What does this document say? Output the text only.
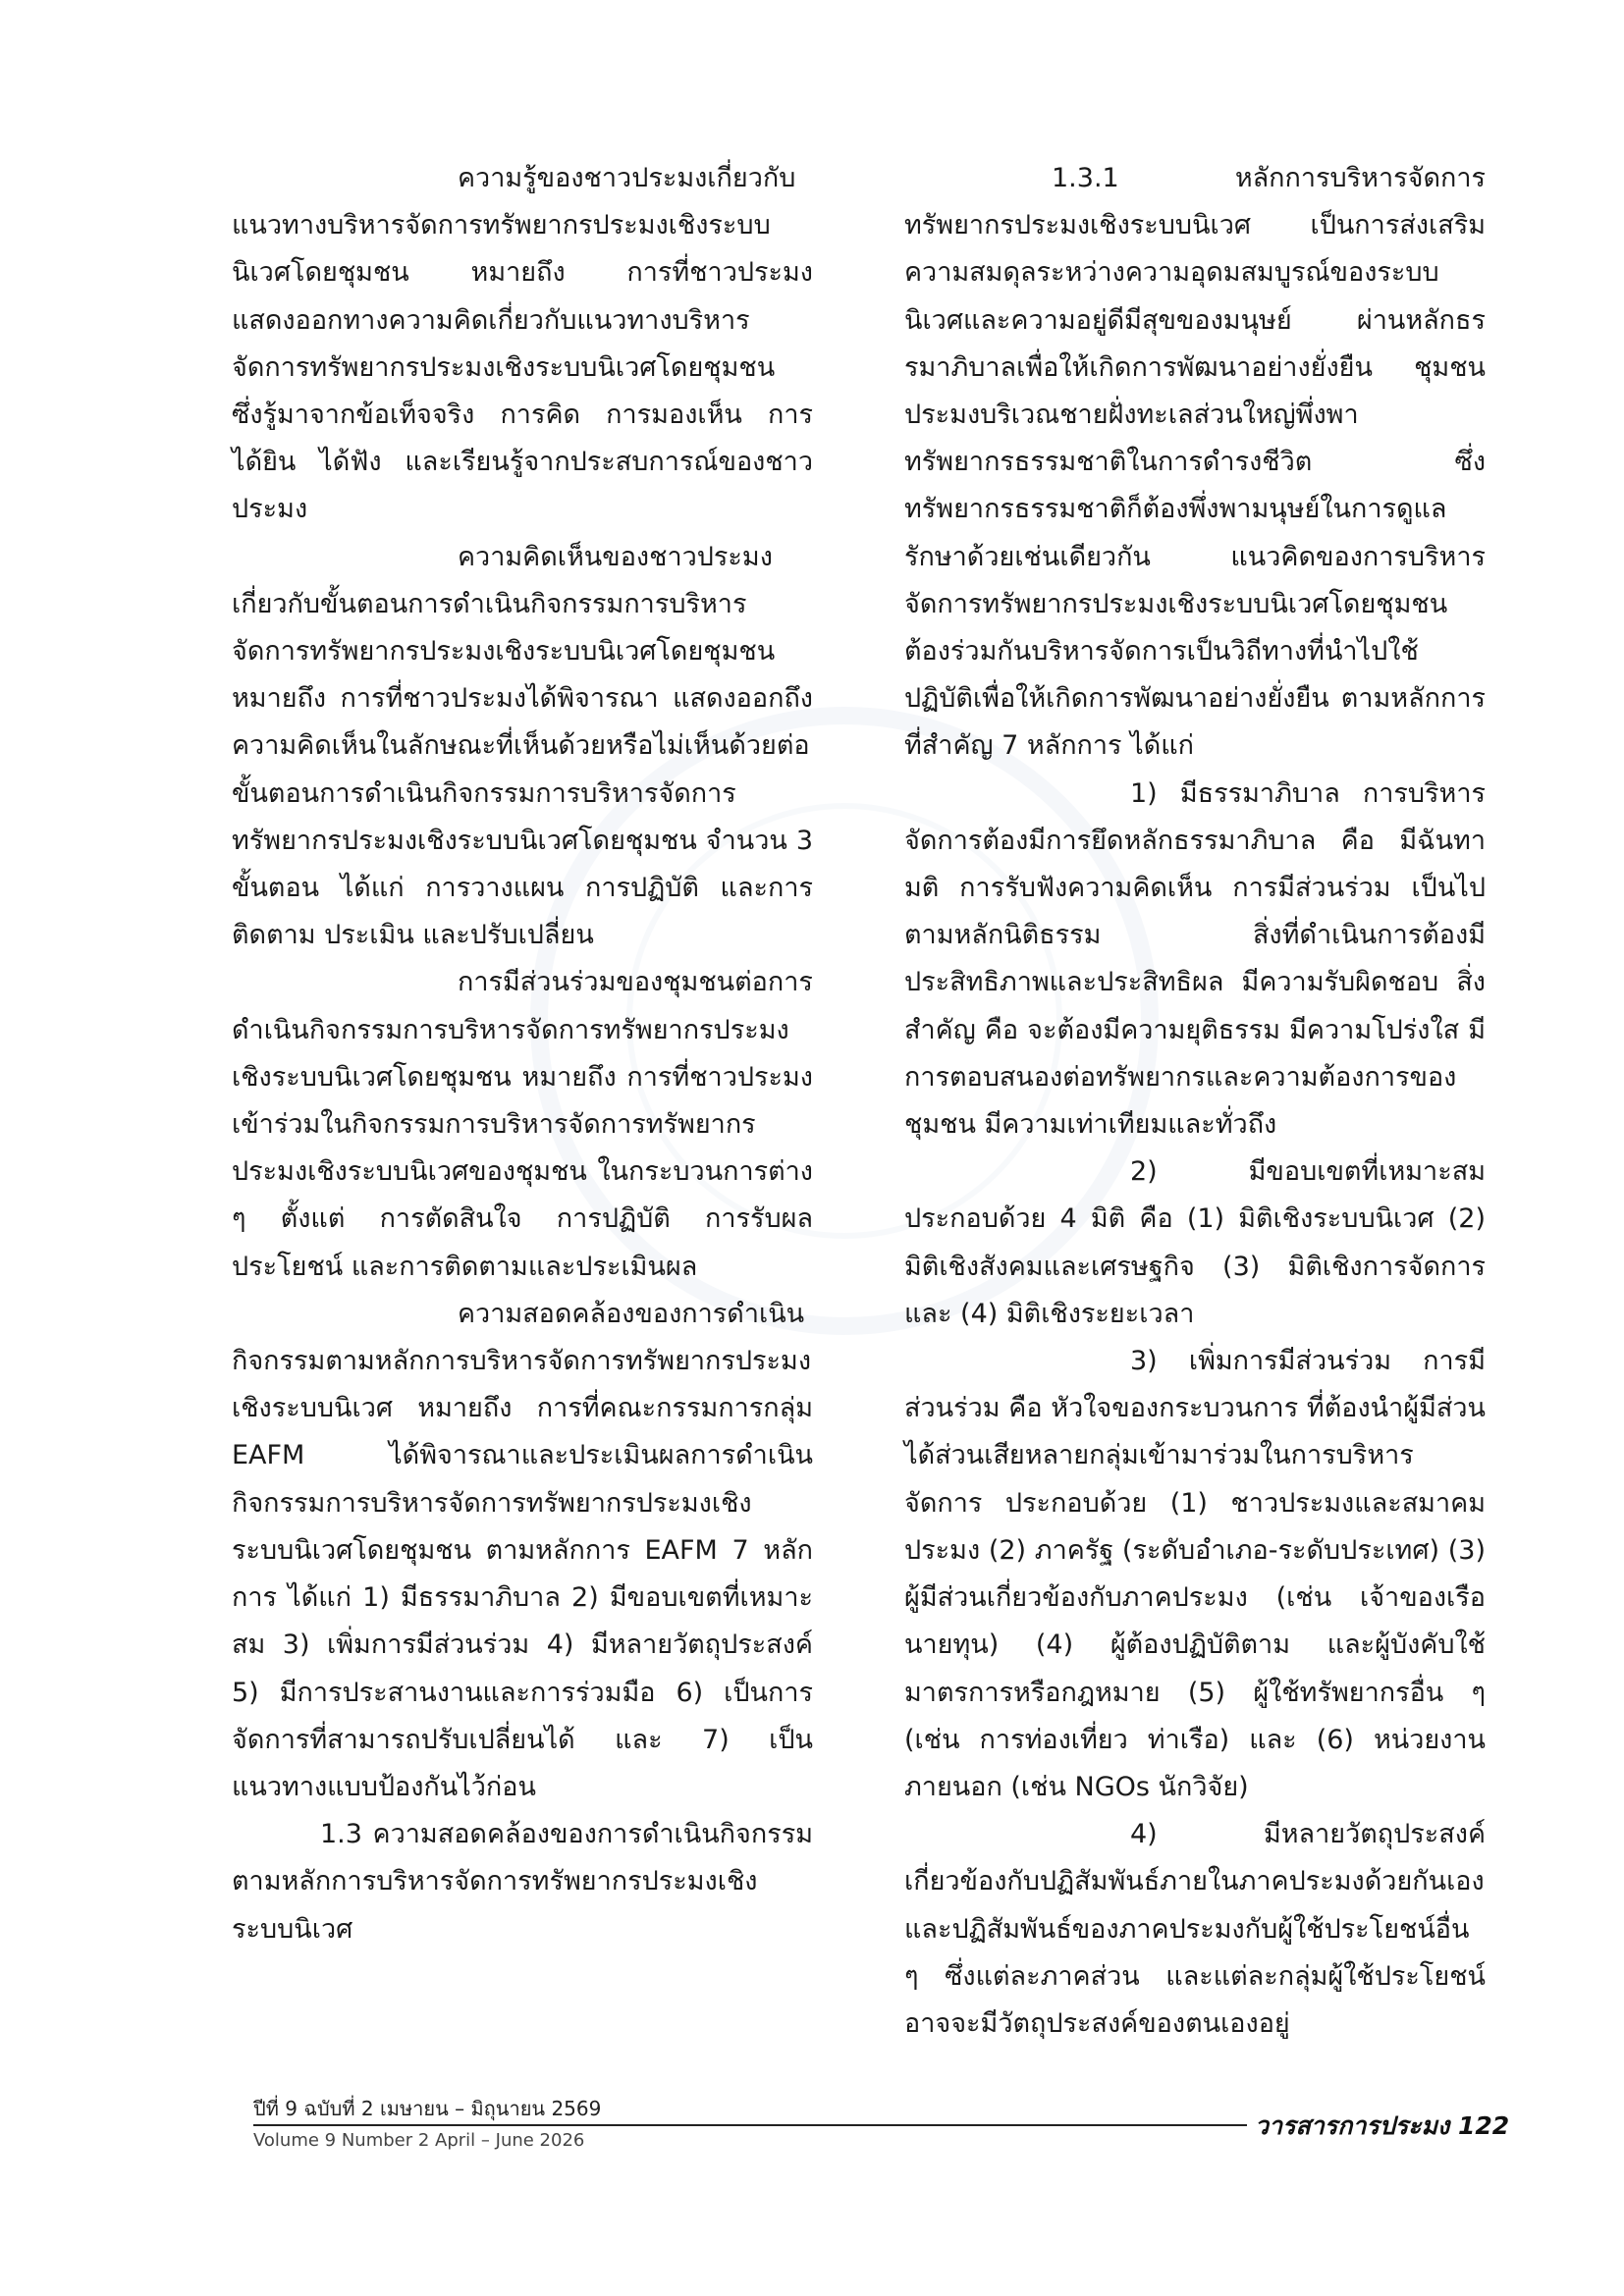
ความรู้ของชาวประมงเกี่ยวกับแนวทางบริหารจัดการทรัพยากรประมงเชิงระบบนิเวศโดยชุมชน หมายถึง การที่ชาวประมงแสดงออกทางความคิดเกี่ยวกับแนวทางบริหารจัดการทรัพยากรประมงเชิงระบบนิเวศโดยชุมชน ซึ่งรู้มาจากข้อเท็จจริง การคิด การมองเห็น การได้ยิน ได้ฟัง และเรียนรู้จากประสบการณ์ของชาวประมง

ความคิดเห็นของชาวประมงเกี่ยวกับขั้นตอนการดำเนินกิจกรรมการบริหารจัดการทรัพยากรประมงเชิงระบบนิเวศโดยชุมชน หมายถึง การที่ชาวประมงได้พิจารณา แสดงออกถึงความคิดเห็นในลักษณะที่เห็นด้วยหรือไม่เห็นด้วยต่อขั้นตอนการดำเนินกิจกรรมการบริหารจัดการทรัพยากรประมงเชิงระบบนิเวศโดยชุมชน จำนวน 3 ขั้นตอน ได้แก่ การวางแผน การปฏิบัติ และการติดตาม ประเมิน และปรับเปลี่ยน

การมีส่วนร่วมของชุมชนต่อการดำเนินกิจกรรมการบริหารจัดการทรัพยากรประมงเชิงระบบนิเวศโดยชุมชน หมายถึง การที่ชาวประมงเข้าร่วมในกิจกรรมการบริหารจัดการทรัพยากรประมงเชิงระบบนิเวศของชุมชน ในกระบวนการต่าง ๆ ตั้งแต่ การตัดสินใจ การปฏิบัติ การรับผลประโยชน์ และการติดตามและประเมินผล

ความสอดคล้องของการดำเนินกิจกรรมตามหลักการบริหารจัดการทรัพยากรประมงเชิงระบบนิเวศ หมายถึง การที่คณะกรรมการกลุ่ม EAFM ได้พิจารณาและประเมินผลการดำเนินกิจกรรมการบริหารจัดการทรัพยากรประมงเชิงระบบนิเวศโดยชุมชน ตามหลักการ EAFM 7 หลักการ ได้แก่ 1) มีธรรมาภิบาล 2) มีขอบเขตที่เหมาะสม 3) เพิ่มการมีส่วนร่วม 4) มีหลายวัตถุประสงค์ 5) มีการประสานงานและการร่วมมือ 6) เป็นการจัดการที่สามารถปรับเปลี่ยนได้ และ 7) เป็นแนวทางแบบป้องกันไว้ก่อน

1.3 ความสอดคล้องของการดำเนินกิจกรรมตามหลักการบริหารจัดการทรัพยากรประมงเชิงระบบนิเวศ

1.3.1 หลักการบริหารจัดการทรัพยากรประมงเชิงระบบนิเวศ เป็นการส่งเสริมความสมดุลระหว่างความอุดมสมบูรณ์ของระบบนิเวศและความอยู่ดีมีสุขของมนุษย์ ผ่านหลักธรรมาภิบาลเพื่อให้เกิดการพัฒนาอย่างยั่งยืน ชุมชนประมงบริเวณชายฝั่งทะเลส่วนใหญ่พึ่งพาทรัพยากรธรรมชาติในการดำรงชีวิต ซึ่งทรัพยากรธรรมชาติก็ต้องพึ่งพามนุษย์ในการดูแลรักษาด้วยเช่นเดียวกัน แนวคิดของการบริหารจัดการทรัพยากรประมงเชิงระบบนิเวศโดยชุมชน ต้องร่วมกันบริหารจัดการเป็นวิถีทางที่นำไปใช้ปฏิบัติเพื่อให้เกิดการพัฒนาอย่างยั่งยืน ตามหลักการที่สำคัญ 7 หลักการ ได้แก่

1) มีธรรมาภิบาล การบริหารจัดการต้องมีการยึดหลักธรรมาภิบาล คือ มีฉันทามติ การรับฟังความคิดเห็น การมีส่วนร่วม เป็นไปตามหลักนิติธรรม สิ่งที่ดำเนินการต้องมีประสิทธิภาพและประสิทธิผล มีความรับผิดชอบ สิ่งสำคัญ คือ จะต้องมีความยุติธรรม มีความโปร่งใส มีการตอบสนองต่อทรัพยากรและความต้องการของชุมชน มีความเท่าเทียมและทั่วถึง

2) มีขอบเขตที่เหมาะสม ประกอบด้วย 4 มิติ คือ (1) มิติเชิงระบบนิเวศ (2) มิติเชิงสังคมและเศรษฐกิจ (3) มิติเชิงการจัดการ และ (4) มิติเชิงระยะเวลา

3) เพิ่มการมีส่วนร่วม การมีส่วนร่วม คือ หัวใจของกระบวนการ ที่ต้องนำผู้มีส่วนได้ส่วนเสียหลายกลุ่มเข้ามาร่วมในการบริหารจัดการ ประกอบด้วย (1) ชาวประมงและสมาคมประมง (2) ภาครัฐ (ระดับอำเภอ-ระดับประเทศ) (3) ผู้มีส่วนเกี่ยวข้องกับภาคประมง (เช่น เจ้าของเรือ นายทุน) (4) ผู้ต้องปฏิบัติตาม และผู้บังคับใช้มาตรการหรือกฎหมาย (5) ผู้ใช้ทรัพยากรอื่น ๆ (เช่น การท่องเที่ยว ท่าเรือ) และ (6) หน่วยงานภายนอก (เช่น NGOs นักวิจัย)

4) มีหลายวัตถุประสงค์ เกี่ยวข้องกับปฏิสัมพันธ์ภายในภาคประมงด้วยกันเอง และปฏิสัมพันธ์ของภาคประมงกับผู้ใช้ประโยชน์อื่น ๆ ซึ่งแต่ละภาคส่วน และแต่ละกลุ่มผู้ใช้ประโยชน์อาจจะมีวัตถุประสงค์ของตนเองอยู่

ปีที่ 9 ฉบับที่ 2 เมษายน – มิถุนายน 2569
Volume 9 Number 2 April – June 2026
วารสารการประมง 122
